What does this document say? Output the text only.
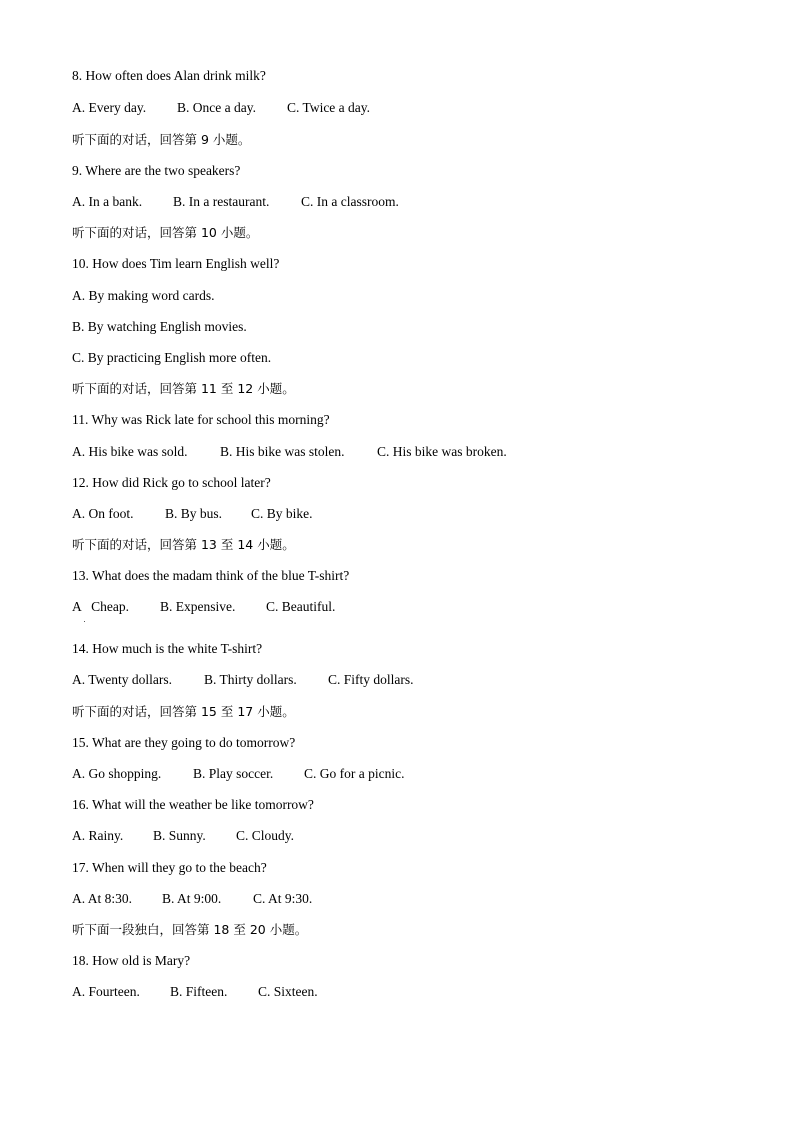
8. How often does Alan drink milk?
A. Every day. B. Once a day. C. Twice a day.
听下面的对话，回答第 9 小题。
9. Where are the two speakers?
A. In a bank. B. In a restaurant. C. In a classroom.
听下面的对话，回答第 10 小题。
10. How does Tim learn English well?
A. By making word cards.
B. By watching English movies.
C. By practicing English more often.
听下面的对话，回答第 11 至 12 小题。
11. Why was Rick late for school this morning?
A. His bike was sold. B. His bike was stolen. C. His bike was broken.
12. How did Rick go to school later?
A. On foot. B. By bus. C. By bike.
听下面的对话，回答第 13 至 14 小题。
13. What does the madam think of the blue T-shirt?
A   Cheap. B. Expensive. C. Beautiful.
14. How much is the white T-shirt?
A. Twenty dollars. B. Thirty dollars. C. Fifty dollars.
听下面的对话，回答第 15 至 17 小题。
15. What are they going to do tomorrow?
A. Go shopping. B. Play soccer. C. Go for a picnic.
16. What will the weather be like tomorrow?
A. Rainy. B. Sunny. C. Cloudy.
17. When will they go to the beach?
A. At 8:30. B. At 9:00. C. At 9:30.
听下面一段独白，回答第 18 至 20 小题。
18. How old is Mary?
A. Fourteen. B. Fifteen. C. Sixteen.
